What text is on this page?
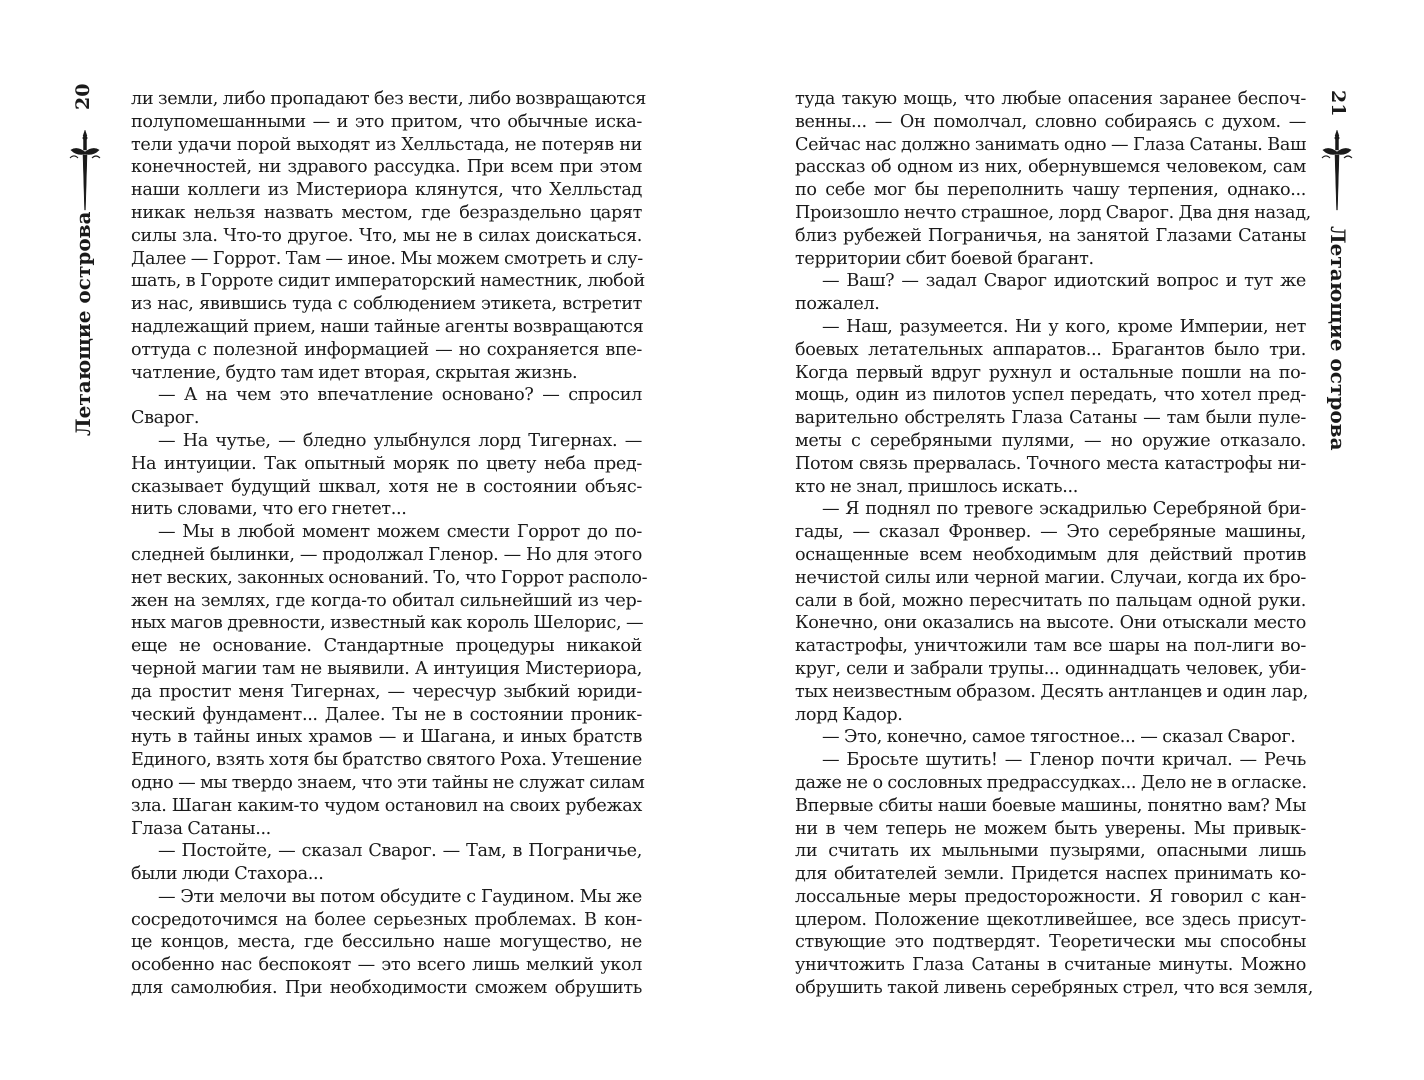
20
Летающие острова
ли земли, либо пропадают без вести, либо возвращаются
полупомешанными — и это притом, что обычные иска-
тели удачи порой выходят из Хелльстада, не потеряв ни
конечностей, ни здравого рассудка. При всем при этом
наши коллеги из Мистериора клянутся, что Хелльстад
никак нельзя назвать местом, где безраздельно царят
силы зла. Что-то другое. Что, мы не в силах доискаться.
Далее — Горрот. Там — иное. Мы можем смотреть и слу-
шать, в Горроте сидит императорский наместник, любой
из нас, явившись туда с соблюдением этикета, встретит
надлежащий прием, наши тайные агенты возвращаются
оттуда с полезной информацией — но сохраняется впе-
чатление, будто там идет вторая, скрытая жизнь.
— А на чем это впечатление основано? — спросил
Сварог.
— На чутье, — бледно улыбнулся лорд Тигернах. —
На интуиции. Так опытный моряк по цвету неба пред-
сказывает будущий шквал, хотя не в состоянии объяс-
нить словами, что его гнетет...
— Мы в любой момент можем смести Горрот до по-
следней былинки, — продолжал Гленор. — Но для этого
нет веских, законных оснований. То, что Горрот располо-
жен на землях, где когда-то обитал сильнейший из чер-
ных магов древности, известный как король Шелорис, —
еще не основание. Стандартные процедуры никакой
черной магии там не выявили. А интуиция Мистериора,
да простит меня Тигернах, — чересчур зыбкий юриди-
ческий фундамент... Далее. Ты не в состоянии проник-
нуть в тайны иных храмов — и Шагана, и иных братств
Единого, взять хотя бы братство святого Роха. Утешение
одно — мы твердо знаем, что эти тайны не служат силам
зла. Шаган каким-то чудом остановил на своих рубежах
Глаза Сатаны...
— Постойте, — сказал Сварог. — Там, в Пограничье,
были люди Стахора...
— Эти мелочи вы потом обсудите с Гаудином. Мы же
сосредоточимся на более серьезных проблемах. В кон-
це концов, места, где бессильно наше могущество, не
особенно нас беспокоят — это всего лишь мелкий укол
для самолюбия. При необходимости сможем обрушить
туда такую мощь, что любые опасения заранее беспоч-
венны... — Он помолчал, словно собираясь с духом. —
Сейчас нас должно занимать одно — Глаза Сатаны. Ваш
рассказ об одном из них, обернувшемся человеком, сам
по себе мог бы переполнить чашу терпения, однако...
Произошло нечто страшное, лорд Сварог. Два дня назад,
близ рубежей Пограничья, на занятой Глазами Сатаны
территории сбит боевой брагант.
— Ваш? — задал Сварог идиотский вопрос и тут же
пожалел.
— Наш, разумеется. Ни у кого, кроме Империи, нет
боевых летательных аппаратов... Брагантов было три.
Когда первый вдруг рухнул и остальные пошли на по-
мощь, один из пилотов успел передать, что хотел пред-
варительно обстрелять Глаза Сатаны — там были пуле-
меты с серебряными пулями, — но оружие отказало.
Потом связь прервалась. Точного места катастрофы ни-
кто не знал, пришлось искать...
— Я поднял по тревоге эскадрилью Серебряной бри-
гады, — сказал Фронвер. — Это серебряные машины,
оснащенные всем необходимым для действий против
нечистой силы или черной магии. Случаи, когда их бро-
сали в бой, можно пересчитать по пальцам одной руки.
Конечно, они оказались на высоте. Они отыскали место
катастрофы, уничтожили там все шары на пол-лиги во-
круг, сели и забрали трупы... одиннадцать человек, уби-
тых неизвестным образом. Десять антланцев и один лар,
лорд Кадор.
— Это, конечно, самое тягостное... — сказал Сварог.
— Бросьте шутить! — Гленор почти кричал. — Речь
даже не о сословных предрассудках... Дело не в огласке.
Впервые сбиты наши боевые машины, понятно вам? Мы
ни в чем теперь не можем быть уверены. Мы привык-
ли считать их мыльными пузырями, опасными лишь
для обитателей земли. Придется наспех принимать ко-
лоссальные меры предосторожности. Я говорил с кан-
цлером. Положение щекотливейшее, все здесь присут-
ствующие это подтвердят. Теоретически мы способны
уничтожить Глаза Сатаны в считаные минуты. Можно
обрушить такой ливень серебряных стрел, что вся земля,
21
Летающие острова
